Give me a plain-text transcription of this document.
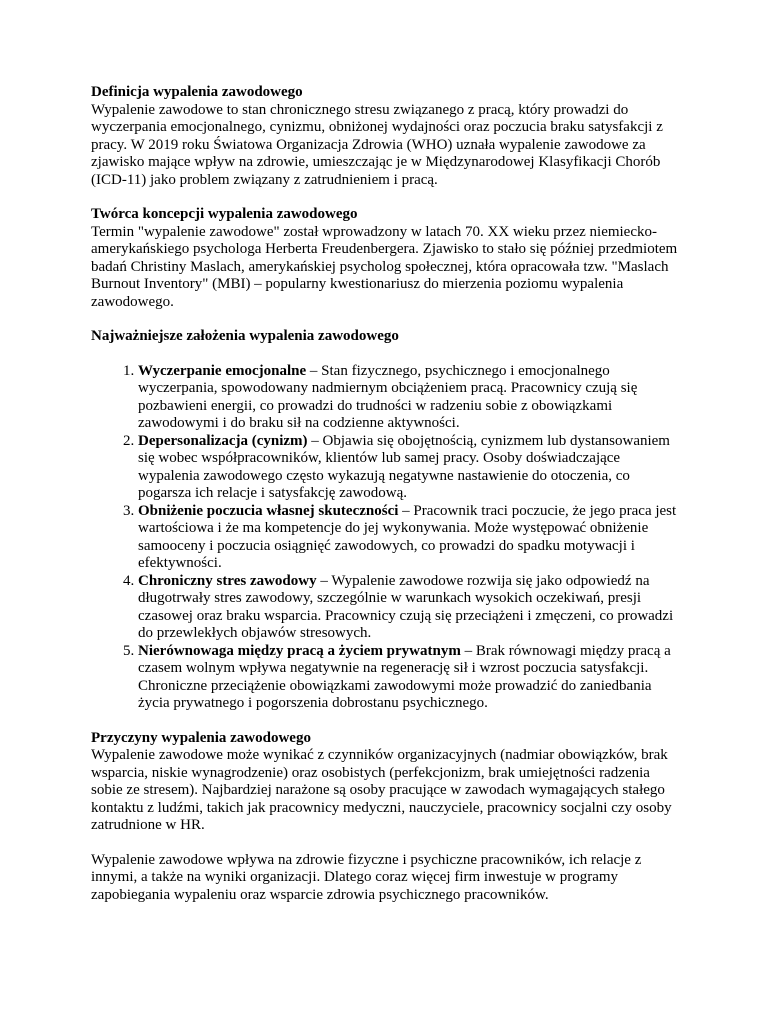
Definicja wypalenia zawodowego
Wypalenie zawodowe to stan chronicznego stresu związanego z pracą, który prowadzi do wyczerpania emocjonalnego, cynizmu, obniżonej wydajności oraz poczucia braku satysfakcji z pracy. W 2019 roku Światowa Organizacja Zdrowia (WHO) uznała wypalenie zawodowe za zjawisko mające wpływ na zdrowie, umieszczając je w Międzynarodowej Klasyfikacji Chorób (ICD-11) jako problem związany z zatrudnieniem i pracą.
Twórca koncepcji wypalenia zawodowego
Termin "wypalenie zawodowe" został wprowadzony w latach 70. XX wieku przez niemiecko-amerykańskiego psychologa Herberta Freudenbergera. Zjawisko to stało się później przedmiotem badań Christiny Maslach, amerykańskiej psycholog społecznej, która opracowała tzw. "Maslach Burnout Inventory" (MBI) – popularny kwestionariusz do mierzenia poziomu wypalenia zawodowego.
Najważniejsze założenia wypalenia zawodowego
1. Wyczerpanie emocjonalne – Stan fizycznego, psychicznego i emocjonalnego wyczerpania, spowodowany nadmiernym obciążeniem pracą. Pracownicy czują się pozbawieni energii, co prowadzi do trudności w radzeniu sobie z obowiązkami zawodowymi i do braku sił na codzienne aktywności.
2. Depersonalizacja (cynizm) – Objawia się obojętnością, cynizmem lub dystansowaniem się wobec współpracowników, klientów lub samej pracy. Osoby doświadczające wypalenia zawodowego często wykazują negatywne nastawienie do otoczenia, co pogarsza ich relacje i satysfakcję zawodową.
3. Obniżenie poczucia własnej skuteczności – Pracownik traci poczucie, że jego praca jest wartościowa i że ma kompetencje do jej wykonywania. Może występować obniżenie samooceny i poczucia osiągnięć zawodowych, co prowadzi do spadku motywacji i efektywności.
4. Chroniczny stres zawodowy – Wypalenie zawodowe rozwija się jako odpowiedź na długotrwały stres zawodowy, szczególnie w warunkach wysokich oczekiwań, presji czasowej oraz braku wsparcia. Pracownicy czują się przeciążeni i zmęczeni, co prowadzi do przewlekłych objawów stresowych.
5. Nierównowaga między pracą a życiem prywatnym – Brak równowagi między pracą a czasem wolnym wpływa negatywnie na regenerację sił i wzrost poczucia satysfakcji. Chroniczne przeciążenie obowiązkami zawodowymi może prowadzić do zaniedbania życia prywatnego i pogorszenia dobrostanu psychicznego.
Przyczyny wypalenia zawodowego
Wypalenie zawodowe może wynikać z czynników organizacyjnych (nadmiar obowiązków, brak wsparcia, niskie wynagrodzenie) oraz osobistych (perfekcjonizm, brak umiejętności radzenia sobie ze stresem). Najbardziej narażone są osoby pracujące w zawodach wymagających stałego kontaktu z ludźmi, takich jak pracownicy medyczni, nauczyciele, pracownicy socjalni czy osoby zatrudnione w HR.
Wypalenie zawodowe wpływa na zdrowie fizyczne i psychiczne pracowników, ich relacje z innymi, a także na wyniki organizacji. Dlatego coraz więcej firm inwestuje w programy zapobiegania wypaleniu oraz wsparcie zdrowia psychicznego pracowników.
